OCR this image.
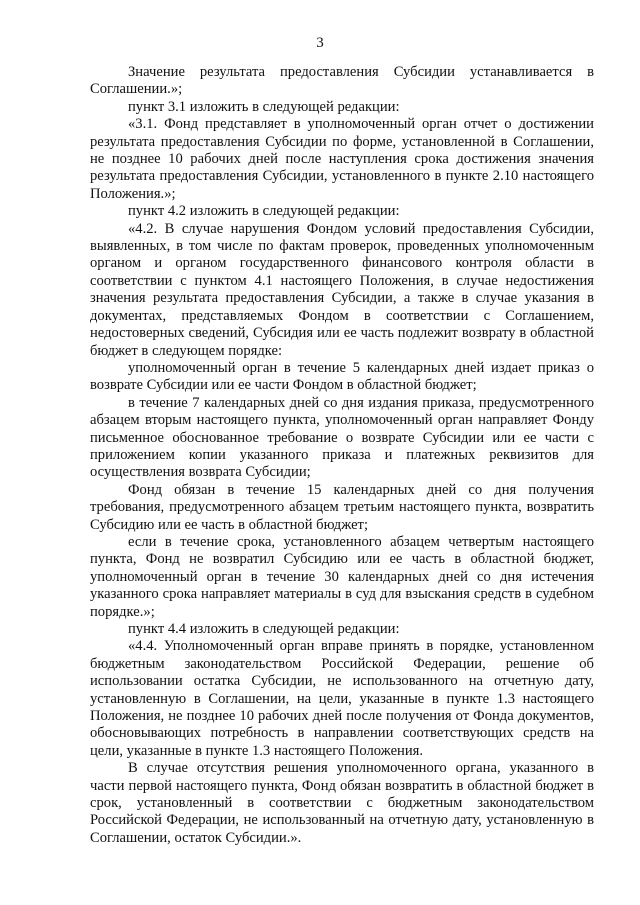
3

Значение результата предоставления Субсидии устанавливается в Соглашении.»;

пункт 3.1 изложить в следующей редакции:

«3.1. Фонд представляет в уполномоченный орган отчет о достижении результата предоставления Субсидии по форме, установленной в Соглашении, не позднее 10 рабочих дней после наступления срока достижения значения результата предоставления Субсидии, установленного в пункте 2.10 настоящего Положения.»;

пункт 4.2 изложить в следующей редакции:

«4.2. В случае нарушения Фондом условий предоставления Субсидии, выявленных, в том числе по фактам проверок, проведенных уполномоченным органом и органом государственного финансового контроля области в соответствии с пунктом 4.1 настоящего Положения, в случае недостижения значения результата предоставления Субсидии, а также в случае указания в документах, представляемых Фондом в соответствии с Соглашением, недостоверных сведений, Субсидия или ее часть подлежит возврату в областной бюджет в следующем порядке:

уполномоченный орган в течение 5 календарных дней издает приказ о возврате Субсидии или ее части Фондом в областной бюджет;

в течение 7 календарных дней со дня издания приказа, предусмотренного абзацем вторым настоящего пункта, уполномоченный орган направляет Фонду письменное обоснованное требование о возврате Субсидии или ее части с приложением копии указанного приказа и платежных реквизитов для осуществления возврата Субсидии;

Фонд обязан в течение 15 календарных дней со дня получения требования, предусмотренного абзацем третьим настоящего пункта, возвратить Субсидию или ее часть в областной бюджет;

если в течение срока, установленного абзацем четвертым настоящего пункта, Фонд не возвратил Субсидию или ее часть в областной бюджет, уполномоченный орган в течение 30 календарных дней со дня истечения указанного срока направляет материалы в суд для взыскания средств в судебном порядке.»;

пункт 4.4 изложить в следующей редакции:

«4.4. Уполномоченный орган вправе принять в порядке, установленном бюджетным законодательством Российской Федерации, решение об использовании остатка Субсидии, не использованного на отчетную дату, установленную в Соглашении, на цели, указанные в пункте 1.3 настоящего Положения, не позднее 10 рабочих дней после получения от Фонда документов, обосновывающих потребность в направлении соответствующих средств на цели, указанные в пункте 1.3 настоящего Положения.

В случае отсутствия решения уполномоченного органа, указанного в части первой настоящего пункта, Фонд обязан возвратить в областной бюджет в срок, установленный в соответствии с бюджетным законодательством Российской Федерации, не использованный на отчетную дату, установленную в Соглашении, остаток Субсидии.».
